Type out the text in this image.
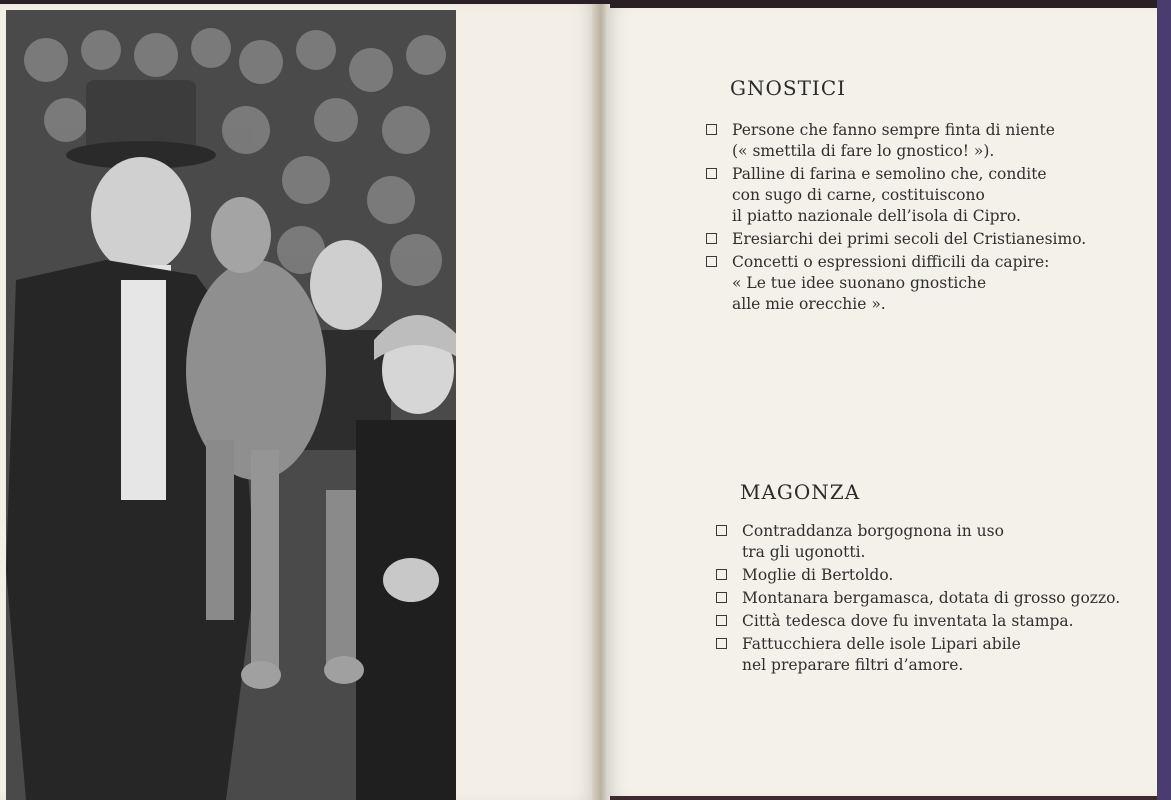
GNOSTICI
Persone che fanno sempre finta di niente
(« smettila di fare lo gnostico! »).
Palline di farina e semolino che, condite
con sugo di carne, costituiscono
il piatto nazionale dell’isola di Cipro.
Eresiarchi dei primi secoli del Cristianesimo.
Concetti o espressioni difficili da capire:
« Le tue idee suonano gnostiche
alle mie orecchie ».
MAGONZA
Contraddanza borgognona in uso
tra gli ugonotti.
Moglie di Bertoldo.
Montanara bergamasca, dotata di grosso gozzo.
Città tedesca dove fu inventata la stampa.
Fattucchiera delle isole Lipari abile
nel preparare filtri d’amore.
